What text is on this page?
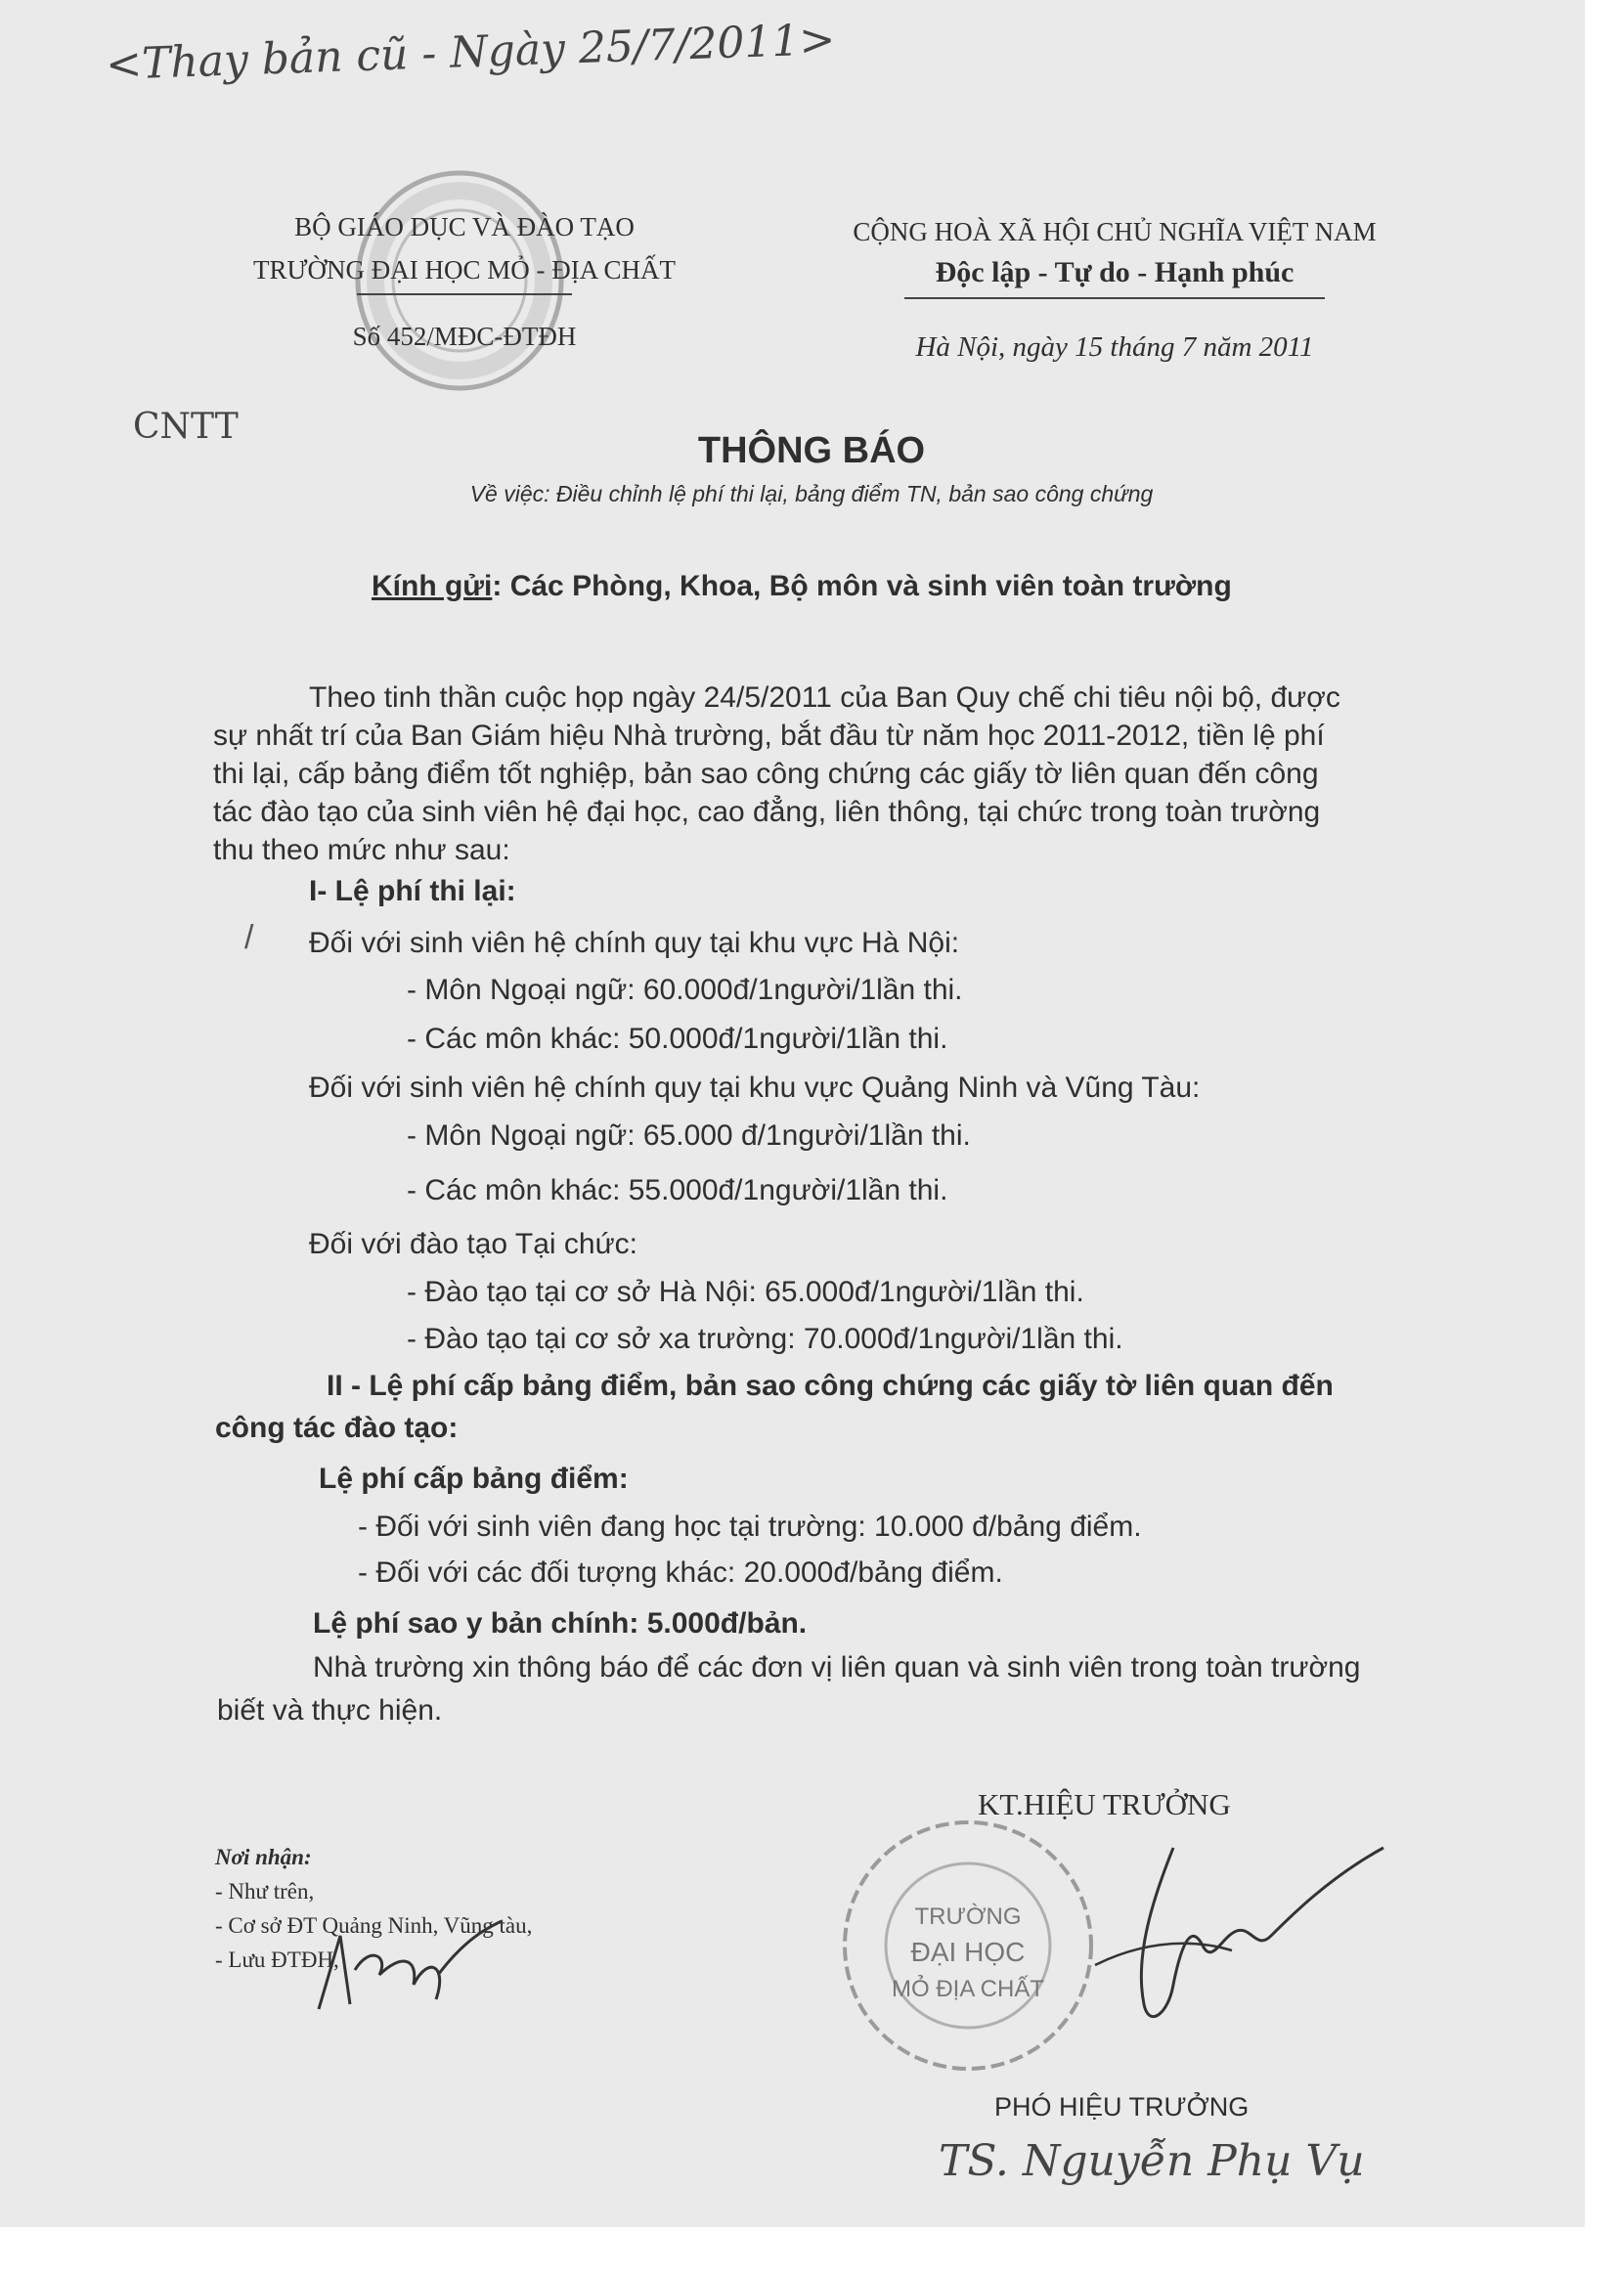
<Thay bản cũ - Ngày 25/7/2011>
BỘ GIÁO DỤC VÀ ĐÀO TẠO
TRƯỜNG ĐẠI HỌC MỎ - ĐỊA CHẤT
Số 452/MĐC-ĐTĐH
CỘNG HOÀ XÃ HỘI CHỦ NGHĨA VIỆT NAM
Độc lập - Tự do - Hạnh phúc
Hà Nội, ngày 15 tháng 7 năm 2011
CNTT
THÔNG BÁO
Về việc: Điều chỉnh lệ phí thi lại, bảng điểm TN, bản sao công chứng
Kính gửi: Các Phòng, Khoa, Bộ môn và sinh viên toàn trường
Theo tinh thần cuộc họp ngày 24/5/2011 của Ban Quy chế chi tiêu nội bộ, được
sự nhất trí của Ban Giám hiệu Nhà trường, bắt đầu từ năm học 2011-2012, tiền lệ phí
thi lại, cấp bảng điểm tốt nghiệp, bản sao công chứng các giấy tờ liên quan đến công
tác đào tạo của sinh viên hệ đại học, cao đẳng, liên thông, tại chức trong toàn trường
thu theo mức như sau:
I- Lệ phí thi lại:
/ Đối với sinh viên hệ chính quy tại khu vực Hà Nội:
- Môn Ngoại ngữ: 60.000đ/1người/1lần thi.
- Các môn khác: 50.000đ/1người/1lần thi.
Đối với sinh viên hệ chính quy tại khu vực Quảng Ninh và Vũng Tàu:
- Môn Ngoại ngữ: 65.000 đ/1người/1lần thi.
- Các môn khác: 55.000đ/1người/1lần thi.
Đối với đào tạo Tại chức:
- Đào tạo tại cơ sở Hà Nội: 65.000đ/1người/1lần thi.
- Đào tạo tại cơ sở xa trường: 70.000đ/1người/1lần thi.
II - Lệ phí cấp bảng điểm, bản sao công chứng các giấy tờ liên quan đến
công tác đào tạo:
Lệ phí cấp bảng điểm:
- Đối với sinh viên đang học tại trường: 10.000 đ/bảng điểm.
- Đối với các đối tượng khác: 20.000đ/bảng điểm.
Lệ phí sao y bản chính: 5.000đ/bản.
Nhà trường xin thông báo để các đơn vị liên quan và sinh viên trong toàn trường
biết và thực hiện.
Nơi nhận:
- Như trên,
- Cơ sở ĐT Quảng Ninh, Vũng tàu,
- Lưu ĐTĐH,
KT.HIỆU TRƯỞNG
TRƯỜNG
ĐẠI HỌC
MỎ ĐỊA CHẤT
PHÓ HIỆU TRƯỞNG
TS. Nguyễn Phụ Vụ
